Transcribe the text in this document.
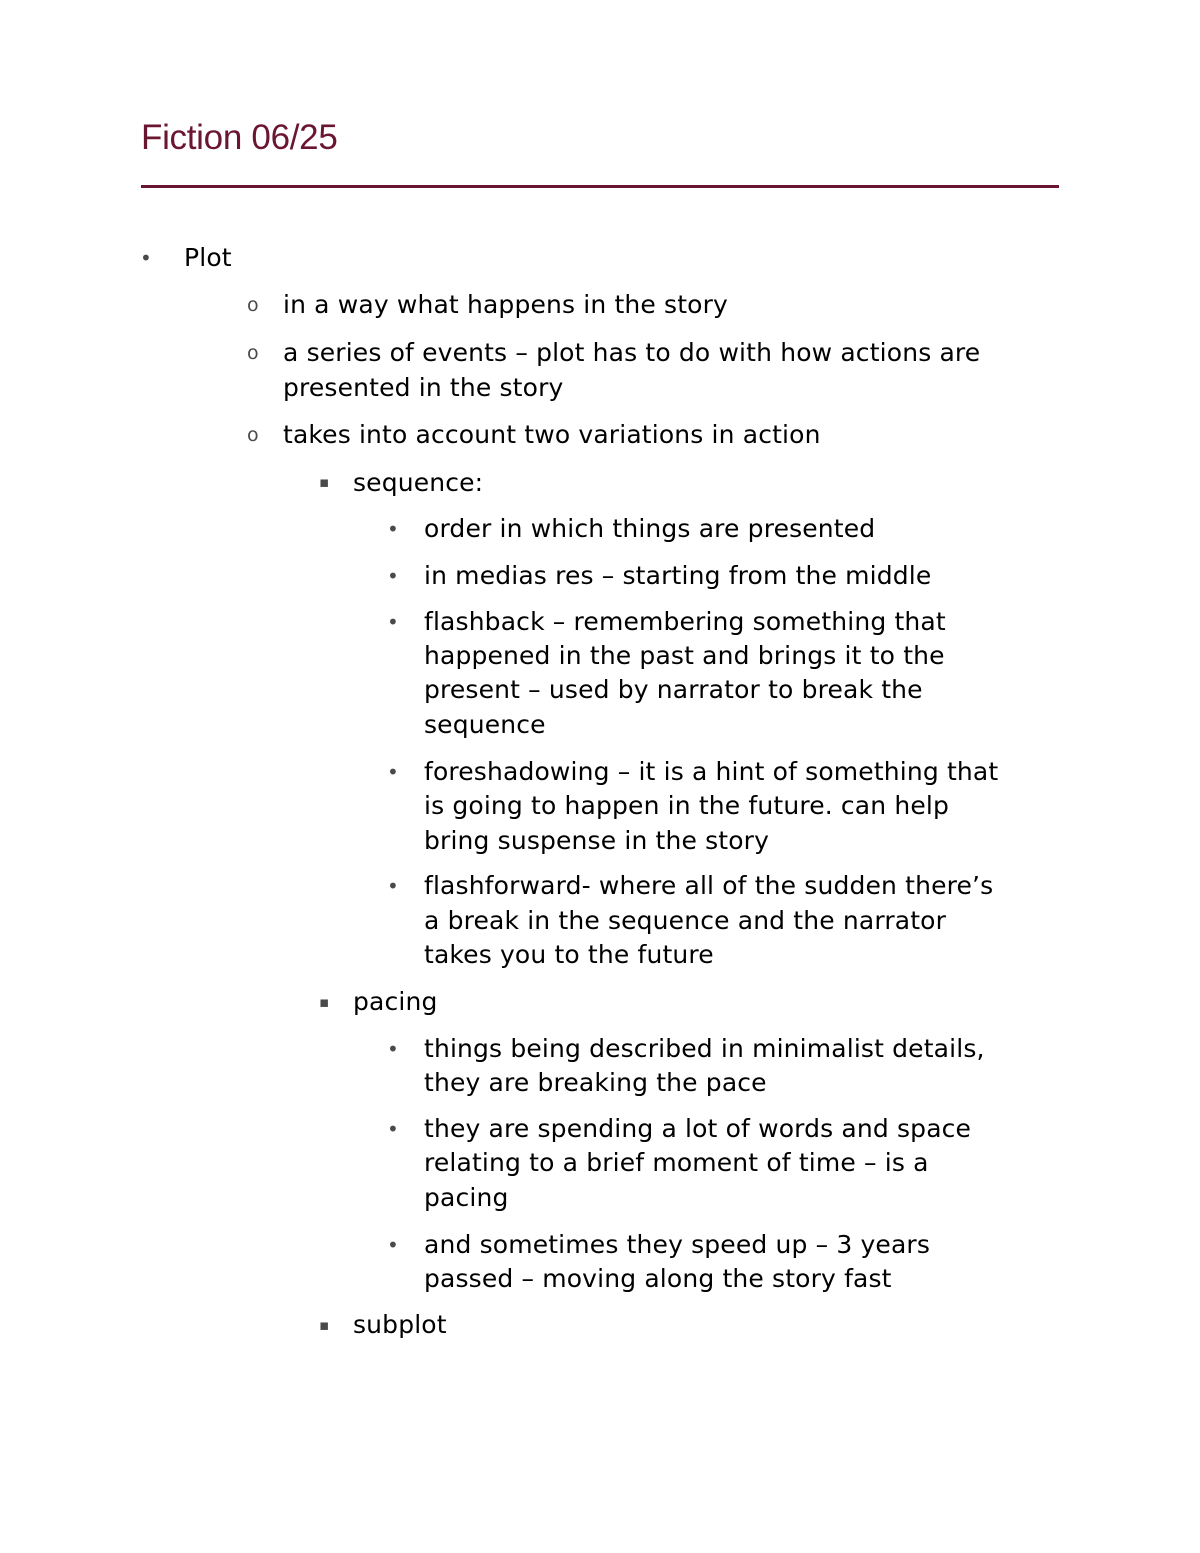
Fiction 06/25
• Plot
o in a way what happens in the story
o a series of events – plot has to do with how actions are
presented in the story
o takes into account two variations in action
▪ sequence:
• order in which things are presented
• in medias res – starting from the middle
• flashback – remembering something that
happened in the past and brings it to the
present – used by narrator to break the
sequence
• foreshadowing – it is a hint of something that
is going to happen in the future. can help
bring suspense in the story
• flashforward- where all of the sudden there’s
a break in the sequence and the narrator
takes you to the future
▪ pacing
• things being described in minimalist details,
they are breaking the pace
• they are spending a lot of words and space
relating to a brief moment of time – is a
pacing
• and sometimes they speed up – 3 years
passed – moving along the story fast
▪ subplot
